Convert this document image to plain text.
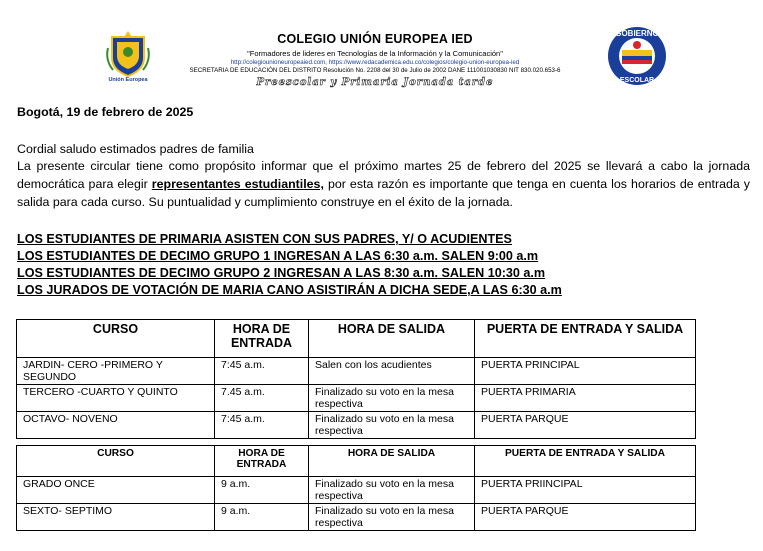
Unión Europea
COLEGIO UNIÓN EUROPEA IED
"Formadores de lideres en Tecnologías de la Información y la Comunicación"
http://colegiounioneuropeaied.com, https://www.redacademica.edu.co/colegios/colegio-union-europea-ied
SECRETARIA DE EDUCACIÓN DEL DISTRITO Resolución No. 2208 del 30 de Julio de 2002 DANE 111001030830 NIT 830.020.653-6
Preescolar y Primaria Jornada tarde
GOBIERNO
ESCOLAR
Bogotá, 19 de febrero de 2025
Cordial saludo estimados padres de familia
La presente circular tiene como propósito informar que el próximo martes 25 de febrero del 2025 se llevará a cabo la jornada democrática para elegir representantes estudiantiles, por esta razón es importante que tenga en cuenta los horarios de entrada y salida para cada curso. Su puntualidad y cumplimiento construye en el éxito de la jornada.
LOS ESTUDIANTES DE PRIMARIA ASISTEN CON SUS PADRES, Y/ O ACUDIENTES
LOS ESTUDIANTES DE DECIMO GRUPO 1 INGRESAN A LAS 6:30 a.m. SALEN 9:00 a.m
LOS ESTUDIANTES DE DECIMO GRUPO 2 INGRESAN A LAS 8:30 a.m. SALEN 10:30 a.m
LOS JURADOS DE VOTACIÓN DE MARIA CANO ASISTIRÁN A DICHA SEDE,A LAS 6:30 a.m
CURSO	HORA DE ENTRADA	HORA DE SALIDA	PUERTA DE ENTRADA Y SALIDA
JARDIN- CERO -PRIMERO Y SEGUNDO	7:45 a.m.	Salen con los acudientes	PUERTA PRINCIPAL
TERCERO -CUARTO Y QUINTO	7.45 a.m.	Finalizado su voto en la mesa respectiva	PUERTA PRIMARIA
OCTAVO- NOVENO	7:45 a.m.	Finalizado su voto en la mesa respectiva	PUERTA PARQUE
CURSO	HORA DE ENTRADA	HORA DE SALIDA	PUERTA DE ENTRADA Y SALIDA
GRADO ONCE	9 a.m.	Finalizado su voto en la mesa respectiva	PUERTA PRIINCIPAL
SEXTO- SEPTIMO	9 a.m.	Finalizado su voto en la mesa respectiva	PUERTA PARQUE
